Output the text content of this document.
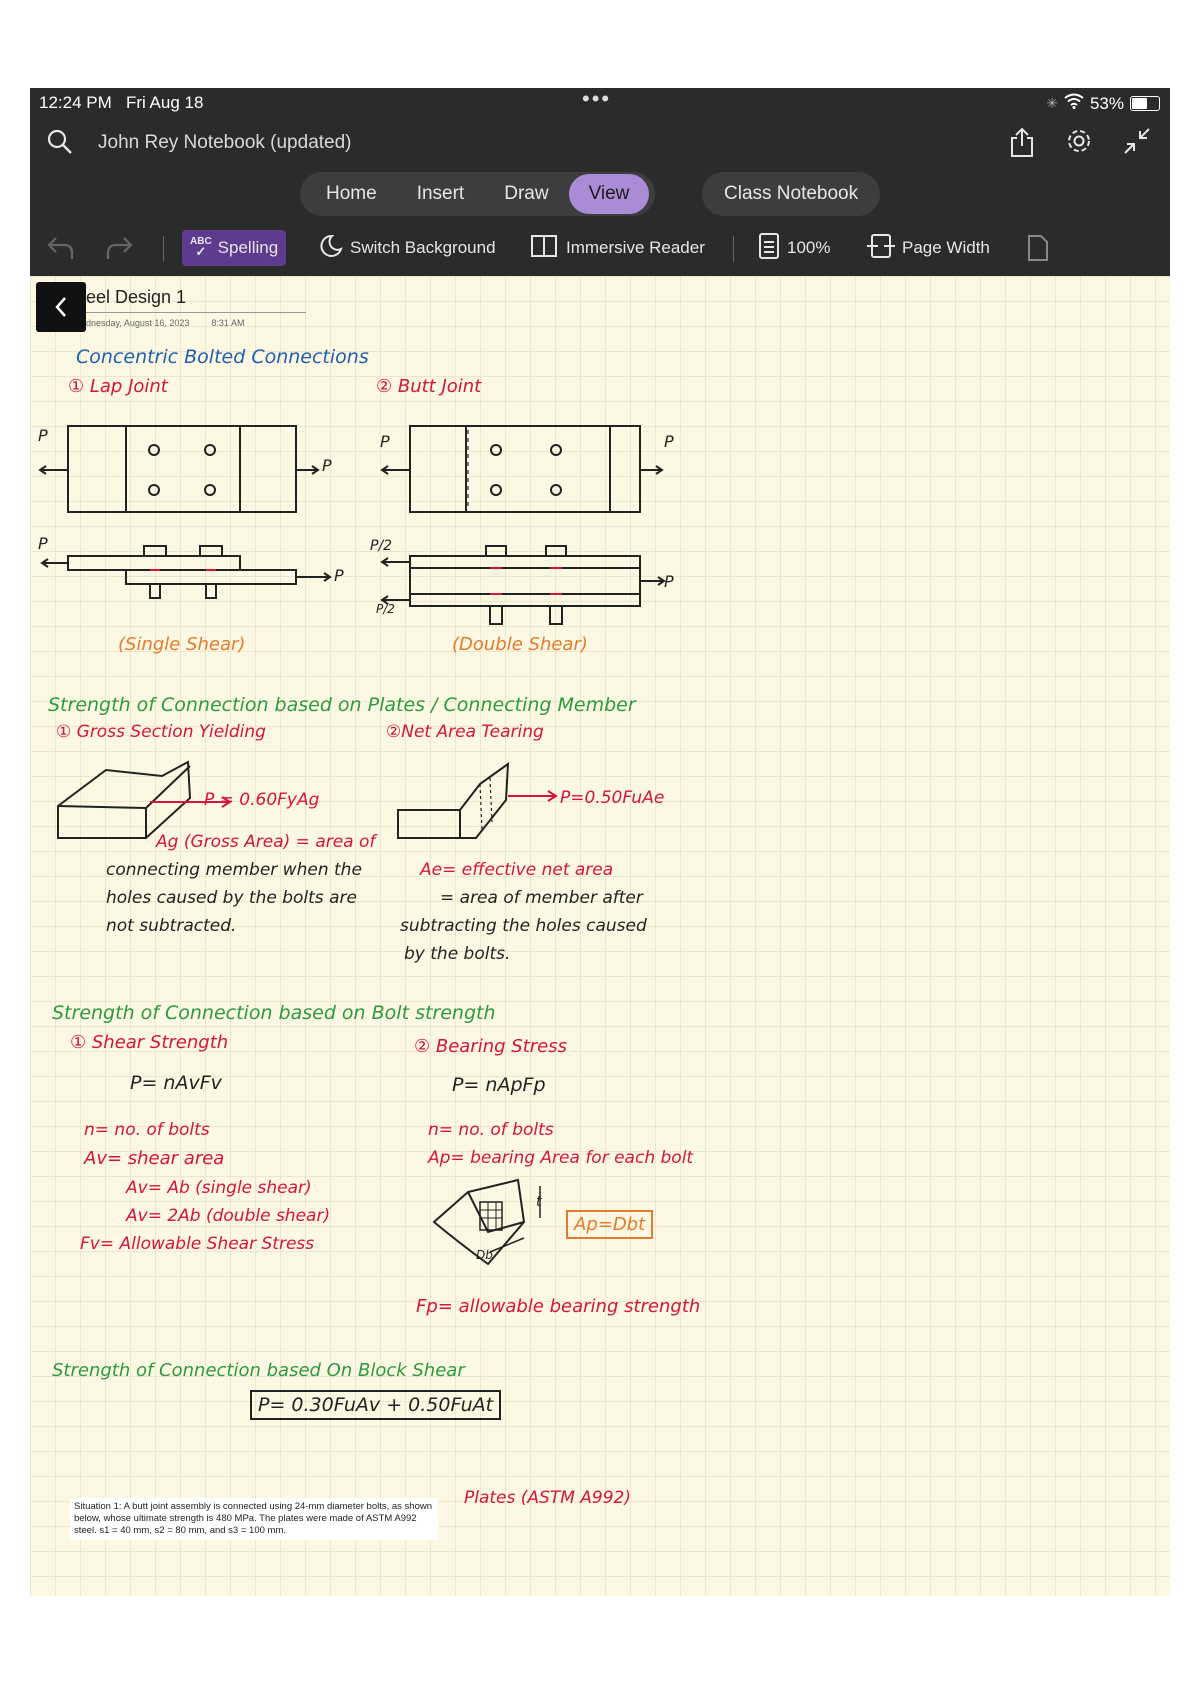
12:24 PM Fri Aug 18	•••	✳ 53%
John Rey Notebook (updated)
Home	Insert	Draw	View	Class Notebook
ABC
✓ Spelling	Switch Background	Immersive Reader	100%	Page Width
eel Design 1
dnesday, August 16, 2023 8:31 AM
Concentric Bolted Connections
① Lap Joint	② Butt Joint
P
P
P	P
P
P
P/2
P/2
P
(Single Shear)	(Double Shear)
Strength of Connection based on Plates / Connecting Member
① Gross Section Yielding	②Net Area Tearing
P = 0.60FyAg	P=0.50FuAe
Ag (Gross Area) = area of
connecting member when the
holes caused by the bolts are
not subtracted.
Ae= effective net area
= area of member after
subtracting the holes caused
by the bolts.
Strength of Connection based on Bolt strength
① Shear Strength	② Bearing Stress
P= nAvFv	P= nApFp
n= no. of bolts
Av= shear area
Av= Ab (single shear)
Av= 2Ab (double shear)
Fv= Allowable Shear Stress
n= no. of bolts
Ap= bearing Area for each bolt
t
Db
Ap=Dbt
Fp= allowable bearing strength
Strength of Connection based On Block Shear
P= 0.30FuAv + 0.50FuAt
Situation 1: A butt joint assembly is connected using 24-mm diameter bolts, as shown below, whose ultimate strength is 480 MPa. The plates were made of ASTM A992 steel. s1 = 40 mm, s2 = 80 mm, and s3 = 100 mm.
Plates (ASTM A992)
